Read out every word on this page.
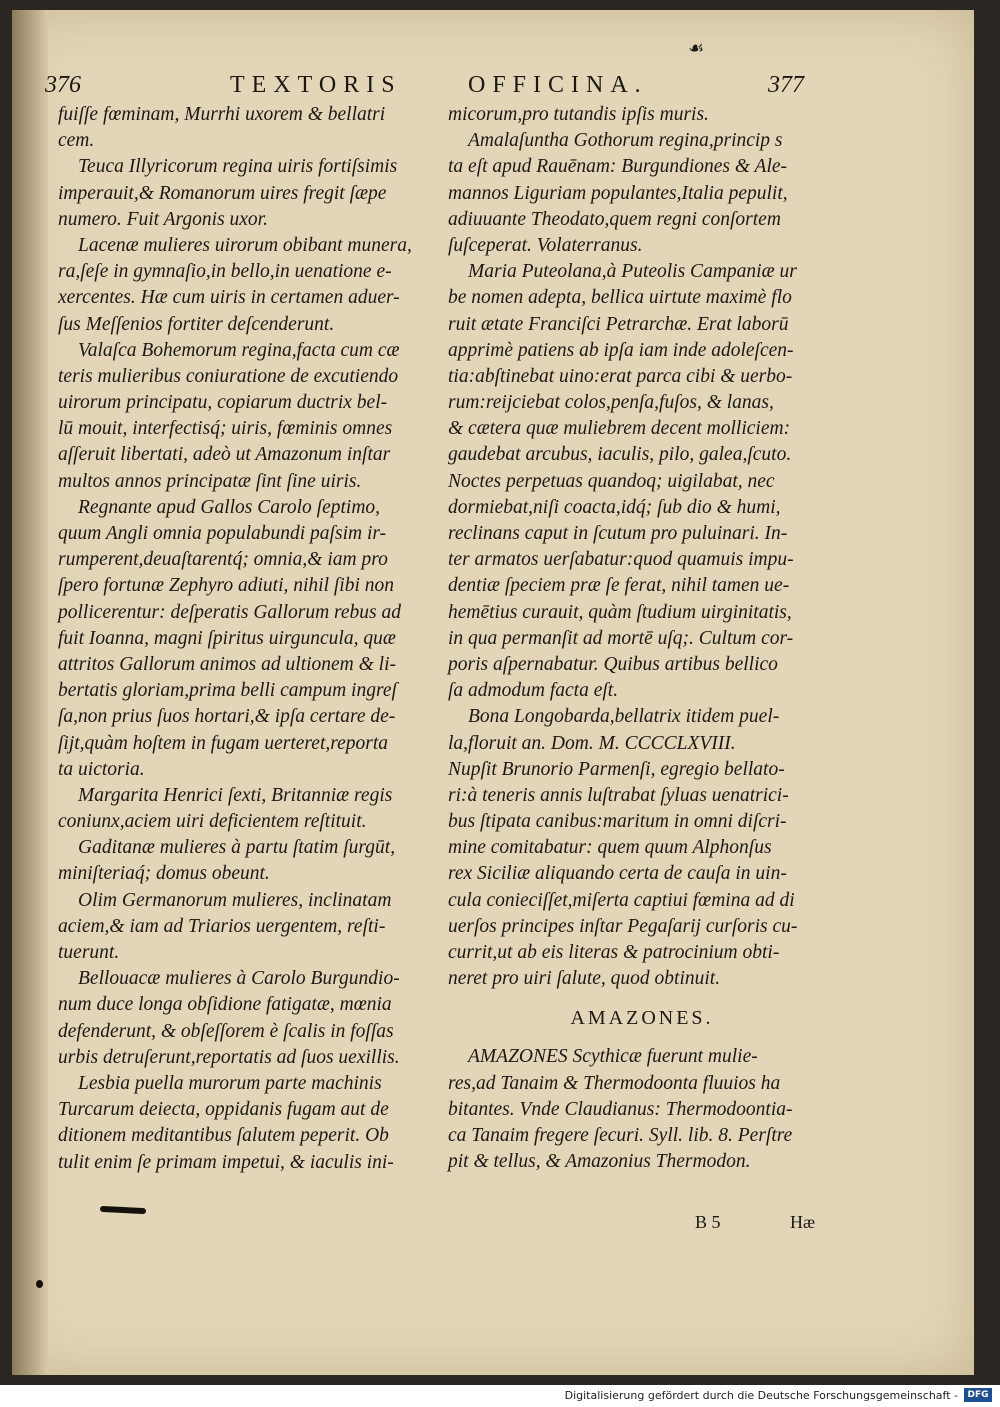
☙
376	TEXTORIS	OFFICINA.	377
fuiſſe fœminam, Murrhi uxorem & bellatri
cem.
Teuca Illyricorum regina uiris fortiſsimis
imperauit,& Romanorum uires fregit ſæpe
numero. Fuit Argonis uxor.
Lacenæ mulieres uirorum obibant munera,
ra,ſeſe in gymnaſio,in bello,in uenatione e-
xercentes. Hæ cum uiris in certamen aduer-
ſus Meſſenios fortiter deſcenderunt.
Valaſca Bohemorum regina,facta cum cæ
teris mulieribus coniuratione de excutiendo
uirorum principatu, copiarum ductrix bel-
lū mouit, interfectisq́; uiris, fœminis omnes
aſſeruit libertati, adeò ut Amazonum inſtar
multos annos principatæ ſint ſine uiris.
Regnante apud Gallos Carolo ſeptimo,
quum Angli omnia populabundi paſsim ir-
rumperent,deuaſtarentq́; omnia,& iam pro
ſpero fortunæ Zephyro adiuti, nihil ſibi non
pollicerentur: deſperatis Gallorum rebus ad
fuit Ioanna, magni ſpiritus uirguncula, quæ
attritos Gallorum animos ad ultionem & li-
bertatis gloriam,prima belli campum ingreſ
ſa,non prius ſuos hortari,& ipſa certare de-
ſijt,quàm hoſtem in fugam uerteret,reporta
ta uictoria.
Margarita Henrici ſexti, Britanniæ regis
coniunx,aciem uiri deficientem reſtituit.
Gaditanæ mulieres à partu ſtatim ſurgūt,
miniſteriaq́; domus obeunt.
Olim Germanorum mulieres, inclinatam
aciem,& iam ad Triarios uergentem, reſti-
tuerunt.
Bellouacæ mulieres à Carolo Burgundio-
num duce longa obſidione fatigatæ, mœnia
defenderunt, & obſeſſorem è ſcalis in foſſas
urbis detruſerunt,reportatis ad ſuos uexillis.
Lesbia puella murorum parte machinis
Turcarum deiecta, oppidanis fugam aut de
ditionem meditantibus ſalutem peperit. Ob
tulit enim ſe primam impetui, & iaculis ini-
micorum,pro tutandis ipſis muris.
Amalaſuntha Gothorum regina,princip s
ta eſt apud Rauēnam: Burgundiones & Ale-
mannos Liguriam populantes,Italia pepulit,
adiuuante Theodato,quem regni conſortem
ſuſceperat. Volaterranus.
Maria Puteolana,à Puteolis Campaniæ ur
be nomen adepta, bellica uirtute maximè flo
ruit ætate Franciſci Petrarchæ. Erat laborū
apprimè patiens ab ipſa iam inde adoleſcen-
tia:abſtinebat uino:erat parca cibi & uerbo-
rum:reijciebat colos,penſa,fuſos, & lanas,
& cætera quæ muliebrem decent molliciem:
gaudebat arcubus, iaculis, pilo, galea,ſcuto.
Noctes perpetuas quandoq; uigilabat, nec
dormiebat,niſi coacta,idq́; ſub dio & humi,
reclinans caput in ſcutum pro puluinari. In-
ter armatos uerſabatur:quod quamuis impu-
dentiæ ſpeciem præ ſe ferat, nihil tamen ue-
hemētius curauit, quàm ſtudium uirginitatis,
in qua permanſit ad mortē uſq;. Cultum cor-
poris aſpernabatur. Quibus artibus bellico
ſa admodum facta eſt.
Bona Longobarda,bellatrix itidem puel-
la,floruit an. Dom. M. CCCCLXVIII.
Nupſit Brunorio Parmenſi, egregio bellato-
ri:à teneris annis luſtrabat ſyluas uenatrici-
bus ſtipata canibus:maritum in omni diſcri-
mine comitabatur: quem quum Alphonſus
rex Siciliæ aliquando certa de cauſa in uin-
cula conieciſſet,miſerta captiui fœmina ad di
uerſos principes inſtar Pegaſarij curſoris cu-
currit,ut ab eis literas & patrocinium obti-
neret pro uiri ſalute, quod obtinuit.
AMAZONES.
AMAZONES Scythicæ fuerunt mulie-
res,ad Tanaim & Thermodoonta fluuios ha
bitantes. Vnde Claudianus: Thermodoontia-
ca Tanaim fregere ſecuri. Syll. lib. 8. Perſtre
pit & tellus, & Amazonius Thermodon.
B 5	Hæ
Digitalisierung gefördert durch die Deutsche Forschungsgemeinschaft -	DFG
